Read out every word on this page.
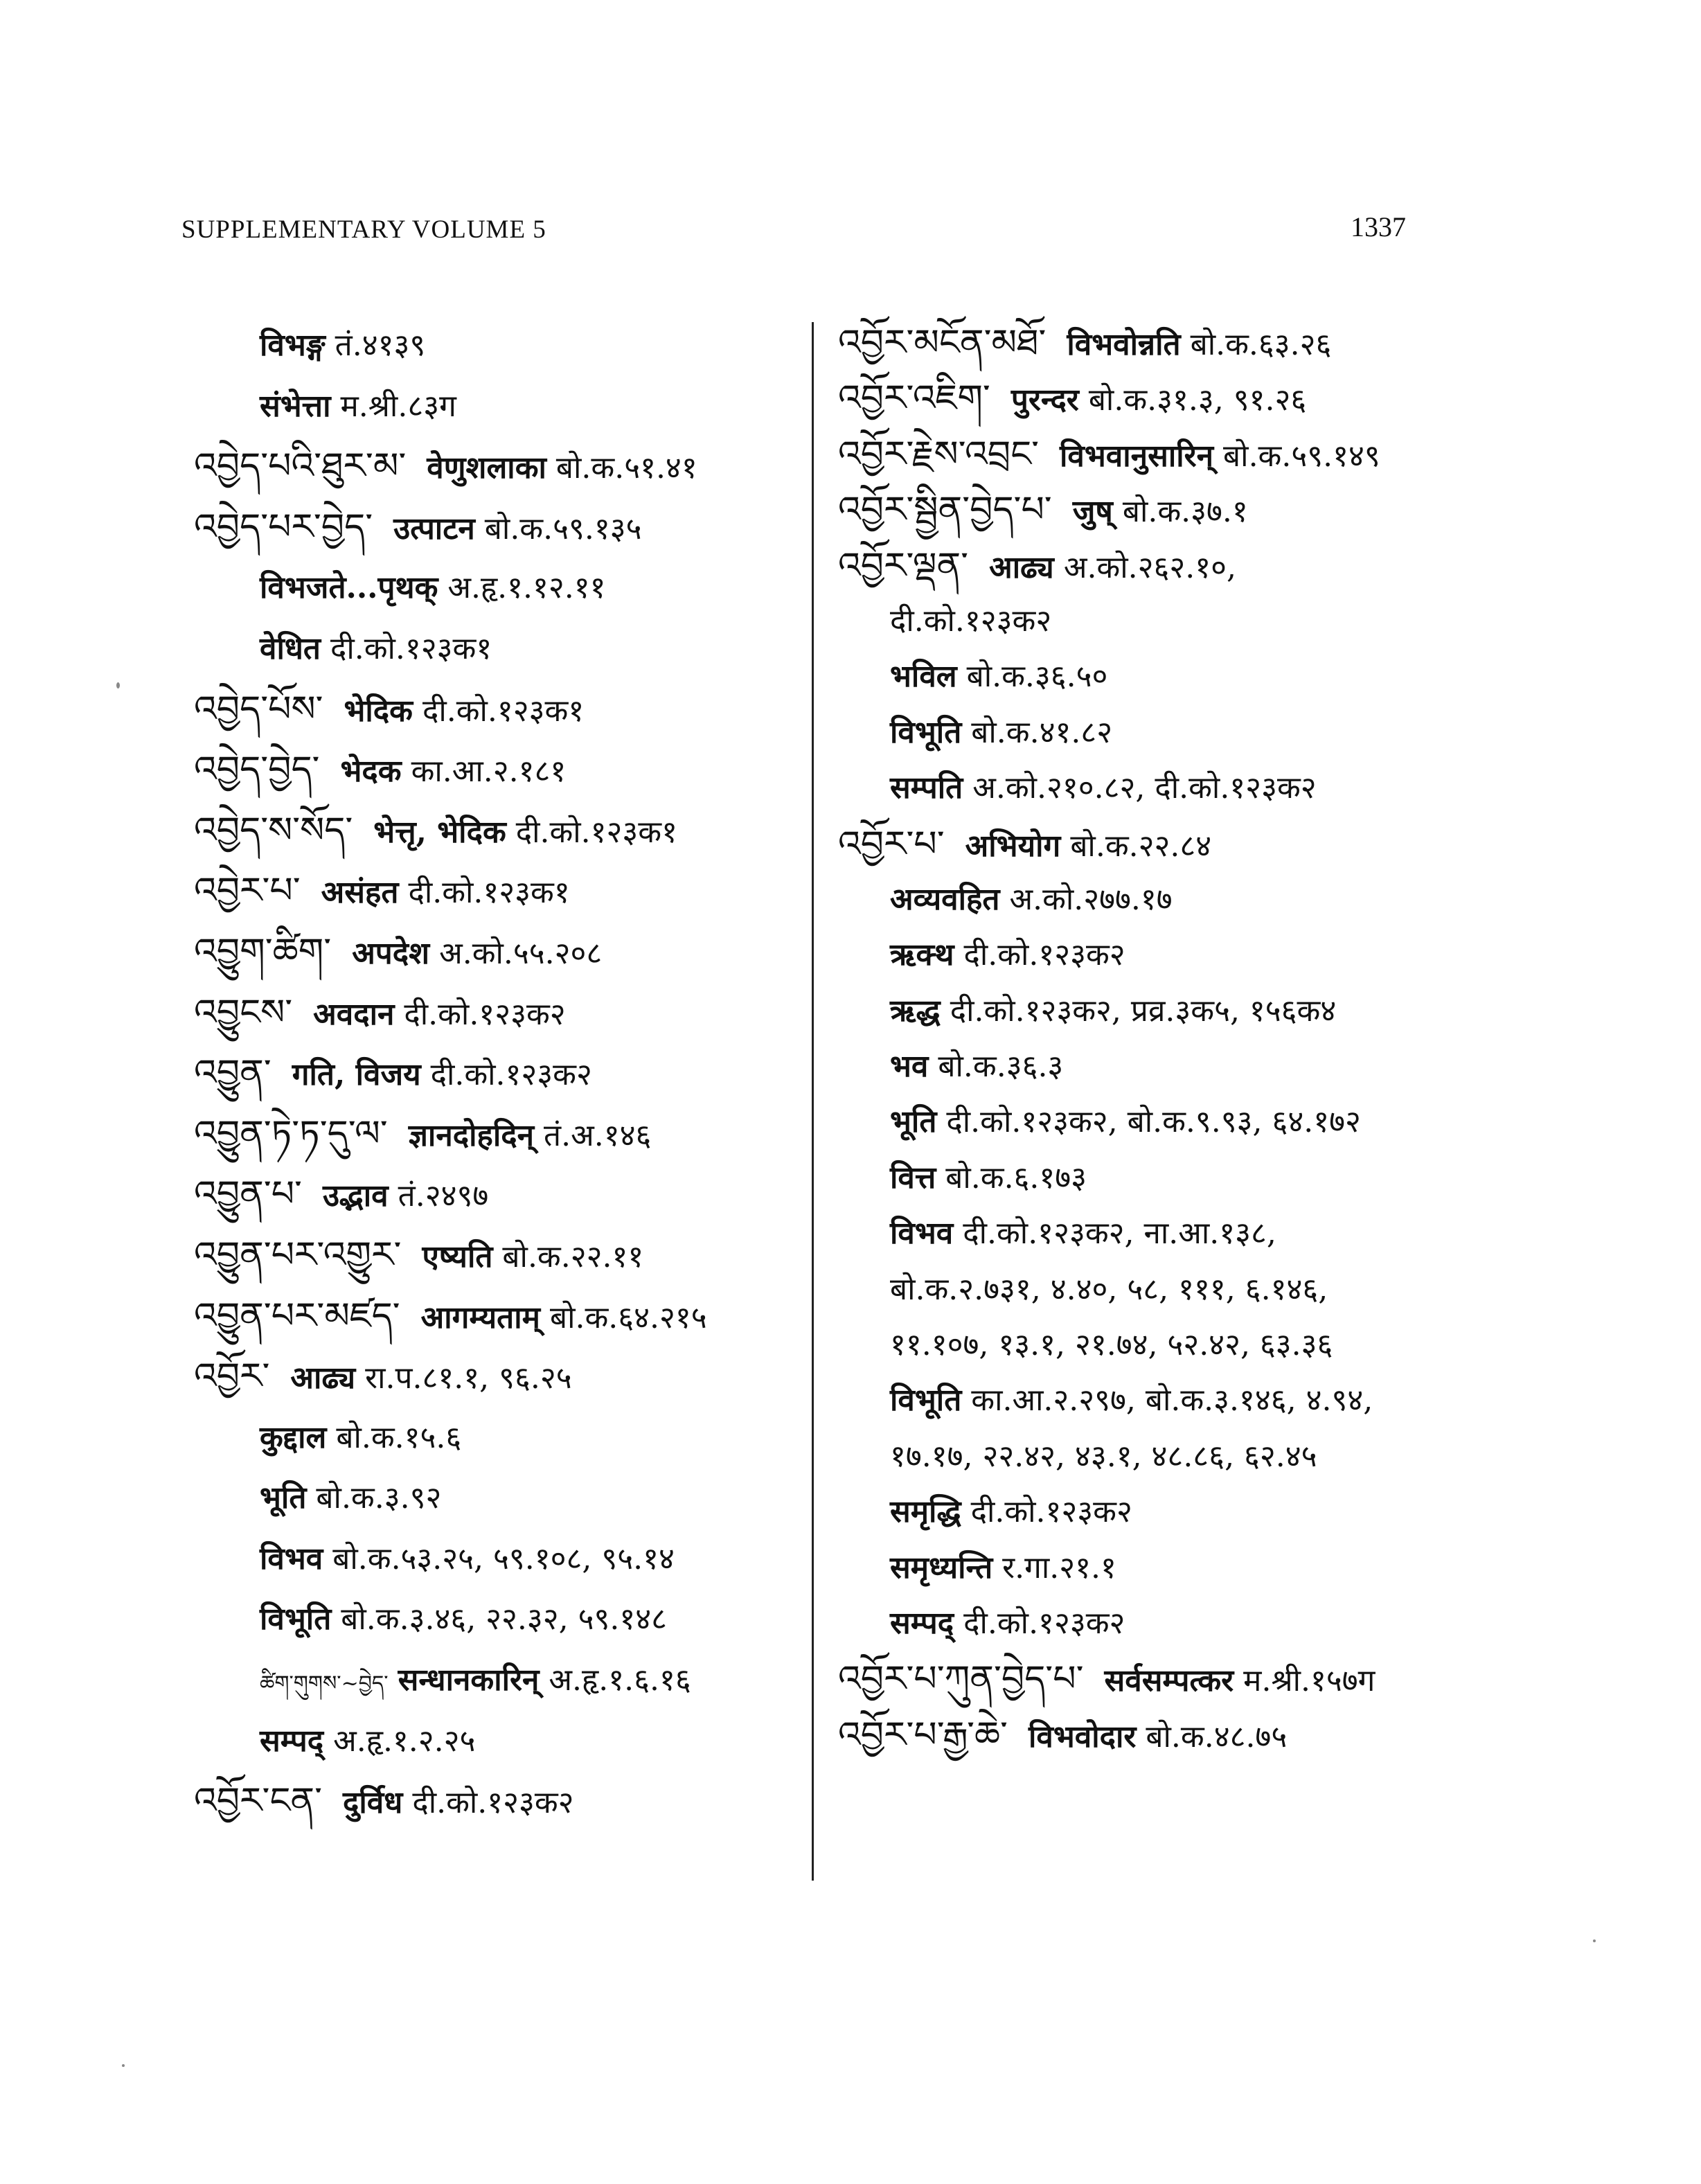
SUPPLEMENTARY VOLUME 5	1337
विभङ्ग तं.४१३९
संभेत्ता म.श्री.८३ग
འབྱེད་པའི་ཐུར་མ་ वेणुशलाका बो.क.५१.४१
འབྱེད་པར་བྱེད་ उत्पाटन बो.क.५९.१३५
विभजते...पृथक् अ.हृ.१.१२.११
वेधित दी.को.१२३क१
འབྱེད་པོས་ भेदिक दी.को.१२३क१
འབྱེད་བྱེད་ भेदक का.आ.२.१८१
འབྱེད་ས་སོད་ भेत्तृ, भेदिक दी.को.१२३क१
འབྱེར་པ་ असंहत दी.को.१२३क१
འབྱུག་ཚིག་ अपदेश अ.को.५५.२०८
འབྱུངས་ अवदान दी.को.१२३क२
འབྱུན་ गति, विजय दी.को.१२३क२
འབྱུན་ཏེ་ཏ་དུ་ལ་ ज्ञानदोहदिन् तं.अ.१४६
འབྱུན་པ་ उद्भाव तं.२४९७
འབྱུན་པར་འགྱུར་ एष्यति बो.क.२२.११
འབྱུན་པར་མཛད་ आगम्यताम् बो.क.६४.२१५
འབྱོར་ आढ्य रा.प.८१.१, ९६.२५
कुद्दाल बो.क.१५.६
भूति बो.क.३.९२
विभव बो.क.५३.२५, ५९.१०८, ९५.१४
विभूति बो.क.३.४६, २२.३२, ५९.१४८
ཚིག་གུགས་~བྱེད་ सन्धानकारिन् अ.हृ.१.६.१६
सम्पद् अ.हृ.१.२.२५
འབྱོར་ངན་ दुर्विध दी.को.१२३क२
འབྱོར་མངོན་མཐོ་ विभवोन्नति बो.क.६३.२६
འབྱོར་འཇིག་ पुरन्दर बो.क.३१.३, ९१.२६
འབྱོར་རྗེས་འབྲང་ विभवानुसारिन् बो.क.५९.१४९
འབྱོར་སྦྱིན་བྱེད་པ་ जुष् बो.क.३७.१
འབྱོར་ལྡན་ आढ्य अ.को.२६२.१०,
दी.को.१२३क२
भविल बो.क.३६.५०
विभूति बो.क.४१.८२
सम्पति अ.को.२१०.८२, दी.को.१२३क२
འབྱོར་པ་ अभियोग बो.क.२२.८४
अव्यवहित अ.को.२७७.१७
ऋक्थ दी.को.१२३क२
ऋद्ध दी.को.१२३क२, प्रव्र.३क५, १५६क४
भव बो.क.३६.३
भूति दी.को.१२३क२, बो.क.९.९३, ६४.१७२
वित्त बो.क.६.१७३
विभव दी.को.१२३क२, ना.आ.१३८,
बो.क.२.७३१, ४.४०, ५८, १११, ६.१४६,
११.१०७, १३.१, २१.७४, ५२.४२, ६३.३६
विभूति का.आ.२.२९७, बो.क.३.१४६, ४.९४,
१७.१७, २२.४२, ४३.१, ४८.८६, ६२.४५
समृद्धि दी.को.१२३क२
समृध्यन्ति र.गा.२१.१
सम्पद् दी.को.१२३क२
འབྱོར་པ་ཀུན་བྱེད་པ་ सर्वसम्पत्कर म.श्री.१५७ग
འབྱོར་པ་རྒྱ་ཆེ་ विभवोदार बो.क.४८.७५
